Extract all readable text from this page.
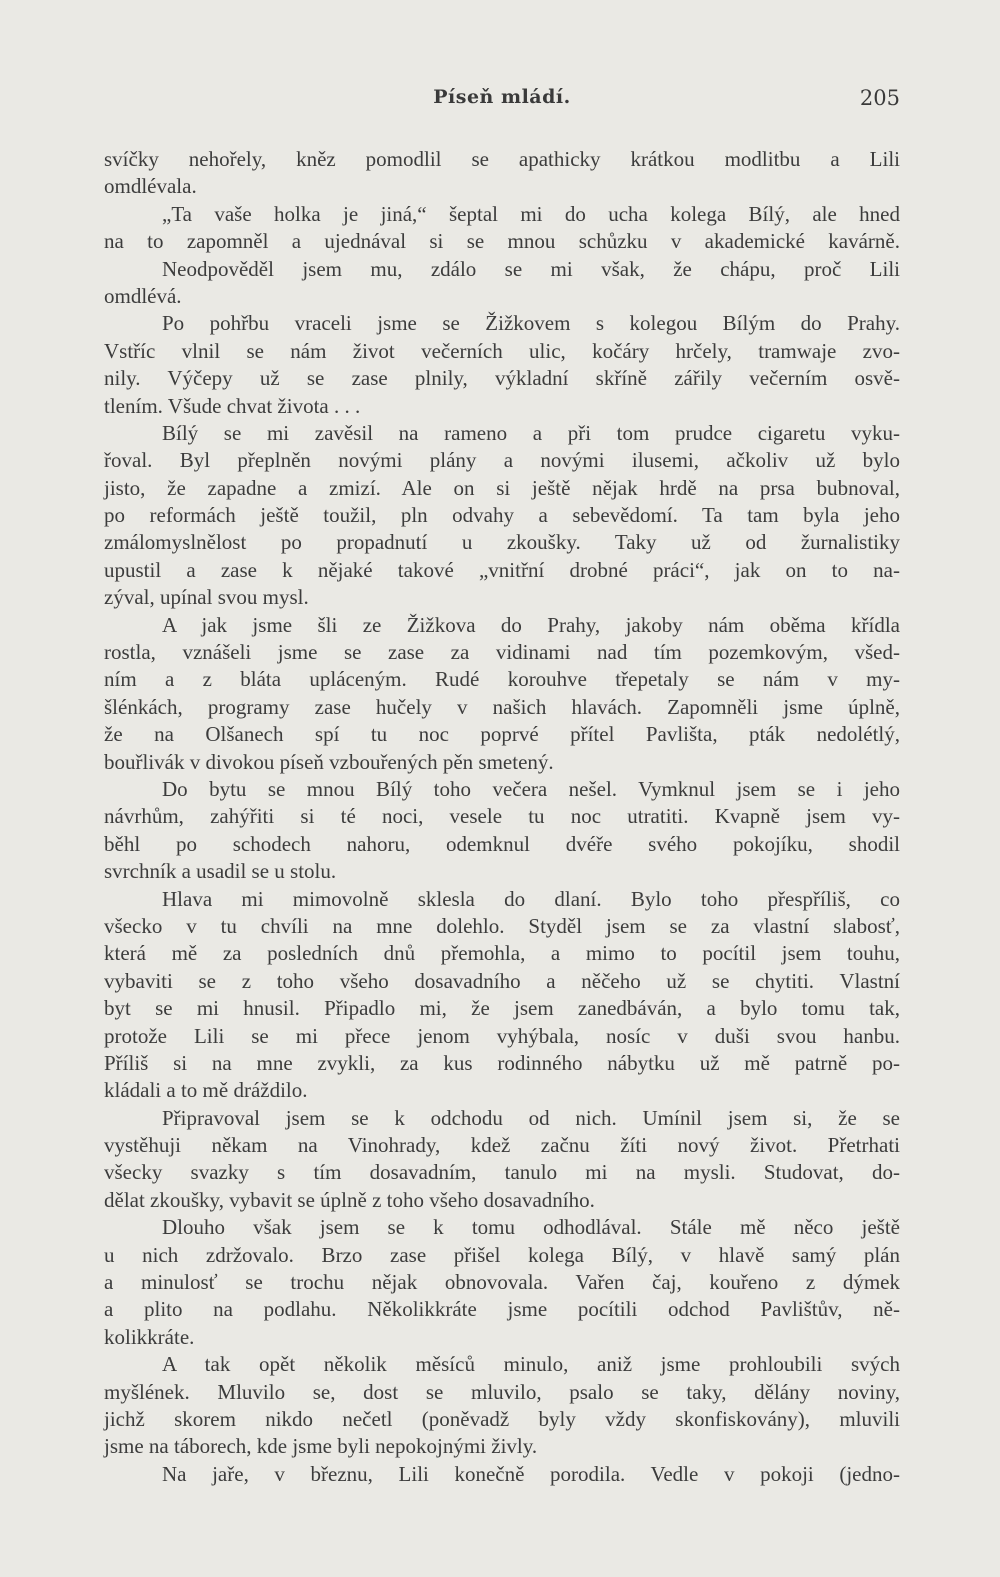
Píseň mládí.	205
svíčky nehořely, kněz pomodlil se apathicky krátkou modlitbu a Lili
omdlévala.
„Ta vaše holka je jiná,“ šeptal mi do ucha kolega Bílý, ale hned
na to zapomněl a ujednával si se mnou schůzku v akademické kavárně.
Neodpověděl jsem mu, zdálo se mi však, že chápu, proč Lili
omdlévá.
Po pohřbu vraceli jsme se Žižkovem s kolegou Bílým do Prahy.
Vstříc vlnil se nám život večerních ulic, kočáry hrčely, tramwaje zvo-
nily. Výčepy už se zase plnily, výkladní skříně zářily večerním osvě-
tlením. Všude chvat života . . .
Bílý se mi zavěsil na rameno a při tom prudce cigaretu vyku-
řoval. Byl přeplněn novými plány a novými ilusemi, ačkoliv už bylo
jisto, že zapadne a zmizí. Ale on si ještě nějak hrdě na prsa bubnoval,
po reformách ještě toužil, pln odvahy a sebevědomí. Ta tam byla jeho
zmálomyslnělost po propadnutí u zkoušky. Taky už od žurnalistiky
upustil a zase k nějaké takové „vnitřní drobné práci“, jak on to na-
zýval, upínal svou mysl.
A jak jsme šli ze Žižkova do Prahy, jakoby nám oběma křídla
rostla, vznášeli jsme se zase za vidinami nad tím pozemkovým, všed-
ním a z bláta upláceným. Rudé korouhve třepetaly se nám v my-
šlénkách, programy zase hučely v našich hlavách. Zapomněli jsme úplně,
že na Olšanech spí tu noc poprvé přítel Pavlišta, pták nedolétlý,
bouřlivák v divokou píseň vzbouřených pěn smetený.
Do bytu se mnou Bílý toho večera nešel. Vymknul jsem se i jeho
návrhům, zahýřiti si té noci, vesele tu noc utratiti. Kvapně jsem vy-
běhl po schodech nahoru, odemknul dvéře svého pokojíku, shodil
svrchník a usadil se u stolu.
Hlava mi mimovolně sklesla do dlaní. Bylo toho přespříliš, co
všecko v tu chvíli na mne dolehlo. Styděl jsem se za vlastní slabosť,
která mě za posledních dnů přemohla, a mimo to pocítil jsem touhu,
vybaviti se z toho všeho dosavadního a něčeho už se chytiti. Vlastní
byt se mi hnusil. Připadlo mi, že jsem zanedbáván, a bylo tomu tak,
protože Lili se mi přece jenom vyhýbala, nosíc v duši svou hanbu.
Příliš si na mne zvykli, za kus rodinného nábytku už mě patrně po-
kládali a to mě dráždilo.
Připravoval jsem se k odchodu od nich. Umínil jsem si, že se
vystěhuji někam na Vinohrady, kdež začnu žíti nový život. Přetrhati
všecky svazky s tím dosavadním, tanulo mi na mysli. Studovat, do-
dělat zkoušky, vybavit se úplně z toho všeho dosavadního.
Dlouho však jsem se k tomu odhodlával. Stále mě něco ještě
u nich zdržovalo. Brzo zase přišel kolega Bílý, v hlavě samý plán
a minulosť se trochu nějak obnovovala. Vařen čaj, kouřeno z dýmek
a plito na podlahu. Několikkráte jsme pocítili odchod Pavlištův, ně-
kolikkráte.
A tak opět několik měsíců minulo, aniž jsme prohloubili svých
myšlének. Mluvilo se, dost se mluvilo, psalo se taky, dělány noviny,
jichž skorem nikdo nečetl (poněvadž byly vždy skonfiskovány), mluvili
jsme na táborech, kde jsme byli nepokojnými živly.
Na jaře, v březnu, Lili konečně porodila. Vedle v pokoji (jedno-
